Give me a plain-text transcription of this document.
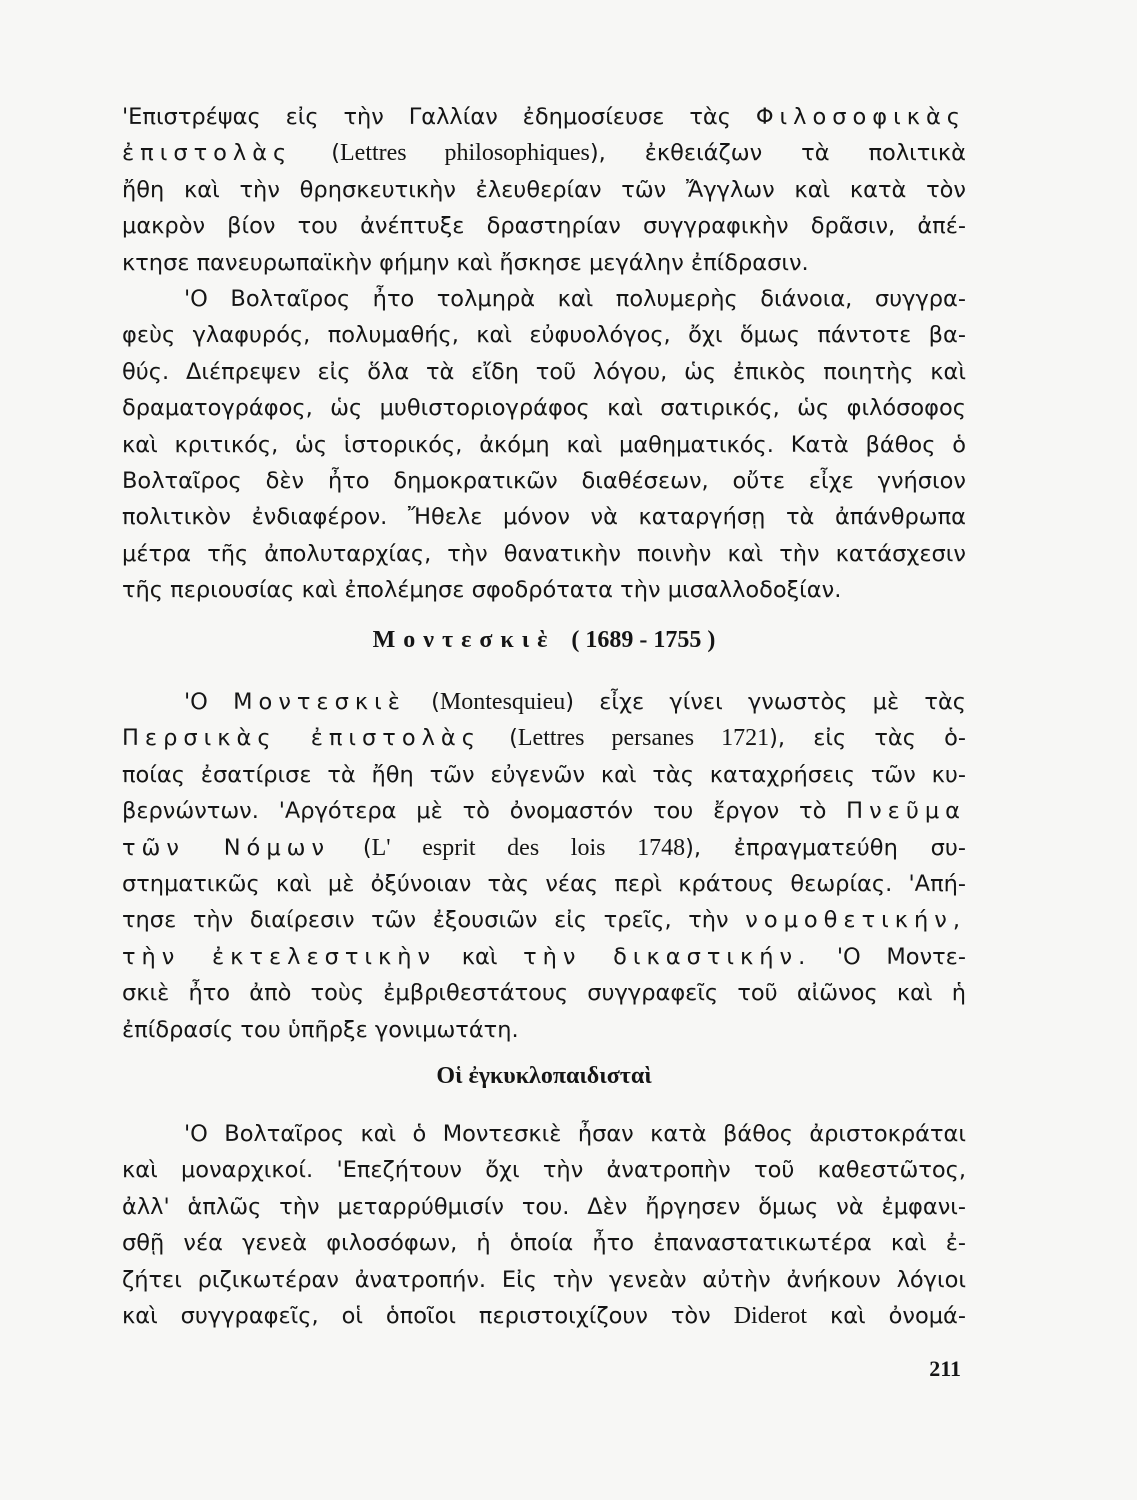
'Επιστρέψας εἰς τὴν Γαλλίαν ἐδημοσίευσε τὰς Φιλοσοφικὰς
ἐπιστολὰς (Lettres philosophiques), ἐκθειάζων τὰ πολιτικὰ
ἤθη καὶ τὴν θρησκευτικὴν ἐλευθερίαν τῶν Ἄγγλων καὶ κατὰ τὸν
μακρὸν βίον του ἀνέπτυξε δραστηρίαν συγγραφικὴν δρᾶσιν, ἀπέ-
κτησε πανευρωπαϊκὴν φήμην καὶ ἤσκησε μεγάλην ἐπίδρασιν.
'Ο Βολταῖρος ἦτο τολμηρὰ καὶ πολυμερὴς διάνοια, συγγρα-
φεὺς γλαφυρός, πολυμαθής, καὶ εὐφυολόγος, ὄχι ὅμως πάντοτε βα-
θύς. Διέπρεψεν εἰς ὅλα τὰ εἴδη τοῦ λόγου, ὡς ἐπικὸς ποιητὴς καὶ
δραματογράφος, ὡς μυθιστοριογράφος καὶ σατιρικός, ὡς φιλόσοφος
καὶ κριτικός, ὡς ἱστορικός, ἀκόμη καὶ μαθηματικός. Κατὰ βάθος ὁ
Βολταῖρος δὲν ἦτο δημοκρατικῶν διαθέσεων, οὔτε εἶχε γνήσιον
πολιτικὸν ἐνδιαφέρον. Ἤθελε μόνον νὰ καταργήσῃ τὰ ἀπάνθρωπα
μέτρα τῆς ἀπολυταρχίας, τὴν θανατικὴν ποινὴν καὶ τὴν κατάσχεσιν
τῆς περιουσίας καὶ ἐπολέμησε σφοδρότατα τὴν μισαλλοδοξίαν.
Μοντεσκιὲ ( 1689 - 1755 )
'Ο Μοντεσκιὲ (Montesquieu) εἶχε γίνει γνωστὸς μὲ τὰς
Περσικὰς ἐπιστολὰς (Lettres persanes 1721), εἰς τὰς ὁ-
ποίας ἐσατίρισε τὰ ἤθη τῶν εὐγενῶν καὶ τὰς καταχρήσεις τῶν κυ-
βερνώντων. 'Αργότερα μὲ τὸ ὀνομαστόν του ἔργον τὸ Πνεῦμα
τῶν Νόμων (L' esprit des lois 1748), ἐπραγματεύθη συ-
στηματικῶς καὶ μὲ ὀξύνοιαν τὰς νέας περὶ κράτους θεωρίας. 'Απή-
τησε τὴν διαίρεσιν τῶν ἐξουσιῶν εἰς τρεῖς, τὴν νομοθετικήν,
τὴν ἐκτελεστικὴν καὶ τὴν δικαστικήν. 'Ο Μοντε-
σκιὲ ἦτο ἀπὸ τοὺς ἐμβριθεστάτους συγγραφεῖς τοῦ αἰῶνος καὶ ἡ
ἐπίδρασίς του ὑπῆρξε γονιμωτάτη.
Οἱ ἐγκυκλοπαιδισταὶ
'Ο Βολταῖρος καὶ ὁ Μοντεσκιὲ ἦσαν κατὰ βάθος ἀριστοκράται
καὶ μοναρχικοί. 'Επεζήτουν ὄχι τὴν ἀνατροπὴν τοῦ καθεστῶτος,
ἀλλ' ἁπλῶς τὴν μεταρρύθμισίν του. Δὲν ἤργησεν ὅμως νὰ ἐμφανι-
σθῇ νέα γενεὰ φιλοσόφων, ἡ ὁποία ἦτο ἐπαναστατικωτέρα καὶ ἐ-
ζήτει ριζικωτέραν ἀνατροπήν. Εἰς τὴν γενεὰν αὐτὴν ἀνήκουν λόγιοι
καὶ συγγραφεῖς, οἱ ὁποῖοι περιστοιχίζουν τὸν Diderot καὶ ὀνομά-
211
